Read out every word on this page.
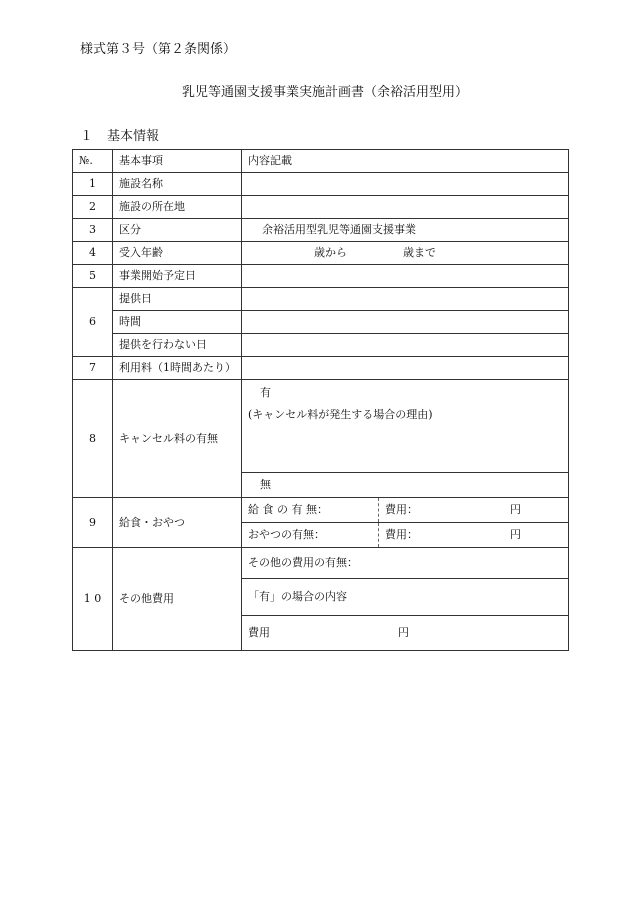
様式第３号（第２条関係）
乳児等通園支援事業実施計画書（余裕活用型用）
１ 基本情報
№.	基本事項	内容記載
1	施設名称	
2	施設の所在地	
3	区分	余裕活用型乳児等通園支援事業
4	受入年齢	歳から 歳まで
5	事業開始予定日	
6	提供日	
	時間	
	提供を行わない日	
7	利用料（1時間あたり）	
8	キャンセル料の有無	有
(キャンセル料が発生する場合の理由)

		無
9	給食・おやつ	給 食 の 有 無： 費用： 円

		おやつの有無： 費用： 円

1 0	その他費用	その他の費用の有無：
		「有」の場合の内容
		費用 円
